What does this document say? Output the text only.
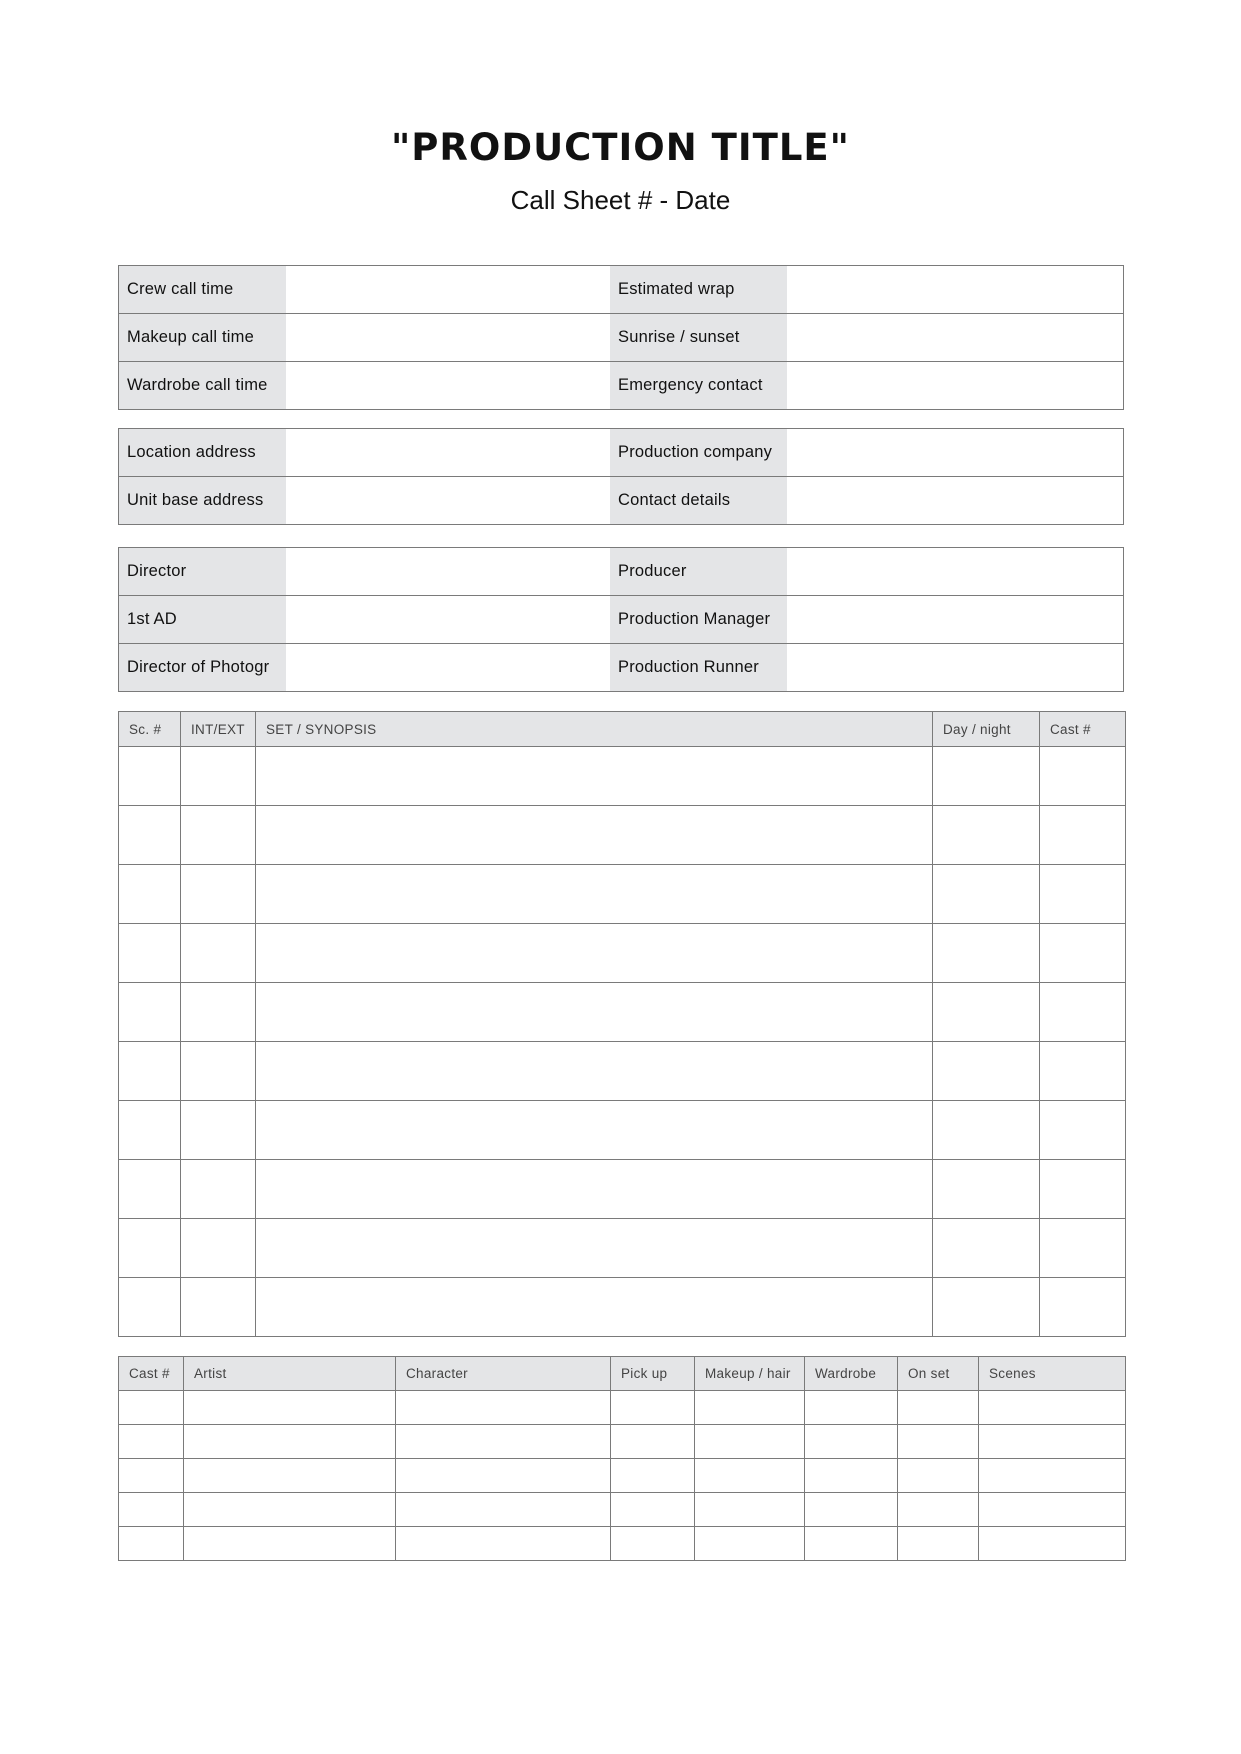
"PRODUCTION TITLE"
Call Sheet # - Date
Crew call time	Estimated wrap
Makeup call time	Sunrise / sunset
Wardrobe call time	Emergency contact
Location address	Production company
Unit base address	Contact details
Director	Producer
1st AD	Production Manager
Director of Photogr	Production Runner
Sc. #	INT/EXT	SET / SYNOPSIS	Day / night	Cast #

Cast #	Artist	Character	Pick up	Makeup / hair	Wardrobe	On set	Scenes
